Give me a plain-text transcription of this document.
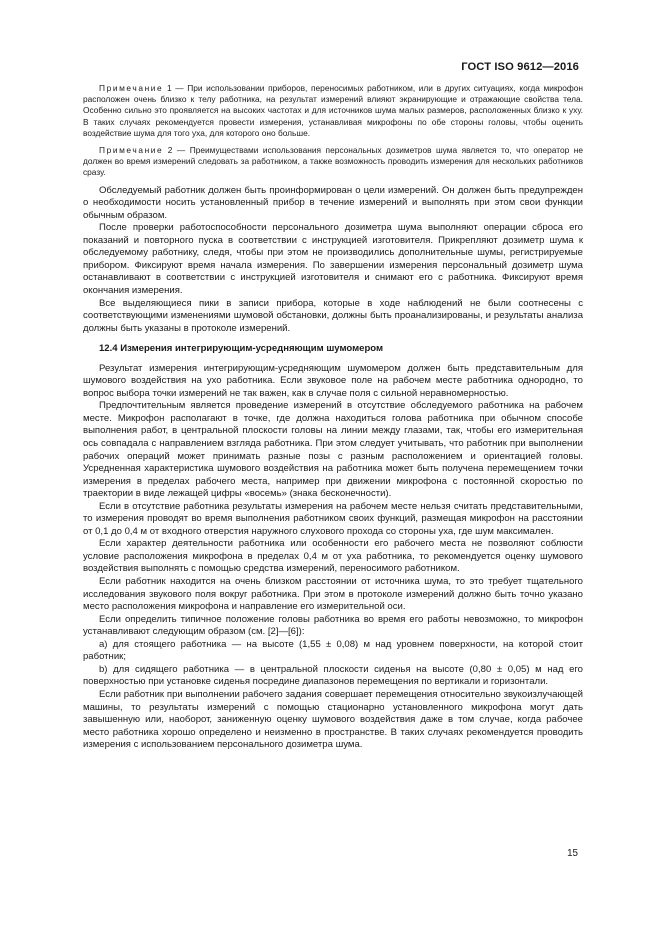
ГОСТ ISO 9612—2016

Примечание 1 — При использовании приборов, переносимых работником, или в других ситуациях, когда микрофон расположен очень близко к телу работника, на результат измерений влияют экранирующие и отражающие свойства тела. Особенно сильно это проявляется на высоких частотах и для источников шума малых размеров, расположенных близко к уху. В таких случаях рекомендуется провести измерения, устанавливая микрофоны по обе стороны головы, чтобы оценить воздействие шума для того уха, для которого оно больше.

Примечание 2 — Преимуществами использования персональных дозиметров шума является то, что оператор не должен во время измерений следовать за работником, а также возможность проводить измерения для нескольких работников сразу.

Обследуемый работник должен быть проинформирован о цели измерений. Он должен быть предупрежден о необходимости носить установленный прибор в течение измерений и выполнять при этом свои функции обычным образом.

После проверки работоспособности персонального дозиметра шума выполняют операции сброса его показаний и повторного пуска в соответствии с инструкцией изготовителя. Прикрепляют дозиметр шума к обследуемому работнику, следя, чтобы при этом не производились дополнительные шумы, регистрируемые прибором. Фиксируют время начала измерения. По завершении измерения персональный дозиметр шума останавливают в соответствии с инструкцией изготовителя и снимают его с работника. Фиксируют время окончания измерения.

Все выделяющиеся пики в записи прибора, которые в ходе наблюдений не были соотнесены с соответствующими изменениями шумовой обстановки, должны быть проанализированы, и результаты анализа должны быть указаны в протоколе измерений.

12.4 Измерения интегрирующим-усредняющим шумомером

Результат измерения интегрирующим-усредняющим шумомером должен быть представительным для шумового воздействия на ухо работника. Если звуковое поле на рабочем месте работника однородно, то вопрос выбора точки измерений не так важен, как в случае поля с сильной неравномерностью.

Предпочтительным является проведение измерений в отсутствие обследуемого работника на рабочем месте. Микрофон располагают в точке, где должна находиться голова работника при обычном способе выполнения работ, в центральной плоскости головы на линии между глазами, так, чтобы его измерительная ось совпадала с направлением взгляда работника. При этом следует учитывать, что работник при выполнении рабочих операций может принимать разные позы с разным расположением и ориентацией головы. Усредненная характеристика шумового воздействия на работника может быть получена перемещением точки измерения в пределах рабочего места, например при движении микрофона с постоянной скоростью по траектории в виде лежащей цифры «восемь» (знака бесконечности).

Если в отсутствие работника результаты измерения на рабочем месте нельзя считать представительными, то измерения проводят во время выполнения работником своих функций, размещая микрофон на расстоянии от 0,1 до 0,4 м от входного отверстия наружного слухового прохода со стороны уха, где шум максимален.

Если характер деятельности работника или особенности его рабочего места не позволяют соблюсти условие расположения микрофона в пределах 0,4 м от уха работника, то рекомендуется оценку шумового воздействия выполнять с помощью средства измерений, переносимого работником.

Если работник находится на очень близком расстоянии от источника шума, то это требует тщательного исследования звукового поля вокруг работника. При этом в протоколе измерений должно быть точно указано место расположения микрофона и направление его измерительной оси.

Если определить типичное положение головы работника во время его работы невозможно, то микрофон устанавливают следующим образом (см. [2]—[6]):

а) для стоящего работника — на высоте (1,55 ± 0,08) м над уровнем поверхности, на которой стоит работник;

b) для сидящего работника — в центральной плоскости сиденья на высоте (0,80 ± 0,05) м над его поверхностью при установке сиденья посредине диапазонов перемещения по вертикали и горизонтали.

Если работник при выполнении рабочего задания совершает перемещения относительно звукоизлучающей машины, то результаты измерений с помощью стационарно установленного микрофона могут дать завышенную или, наоборот, заниженную оценку шумового воздействия даже в том случае, когда рабочее место работника хорошо определено и неизменно в пространстве. В таких случаях рекомендуется проводить измерения с использованием персонального дозиметра шума.

15
